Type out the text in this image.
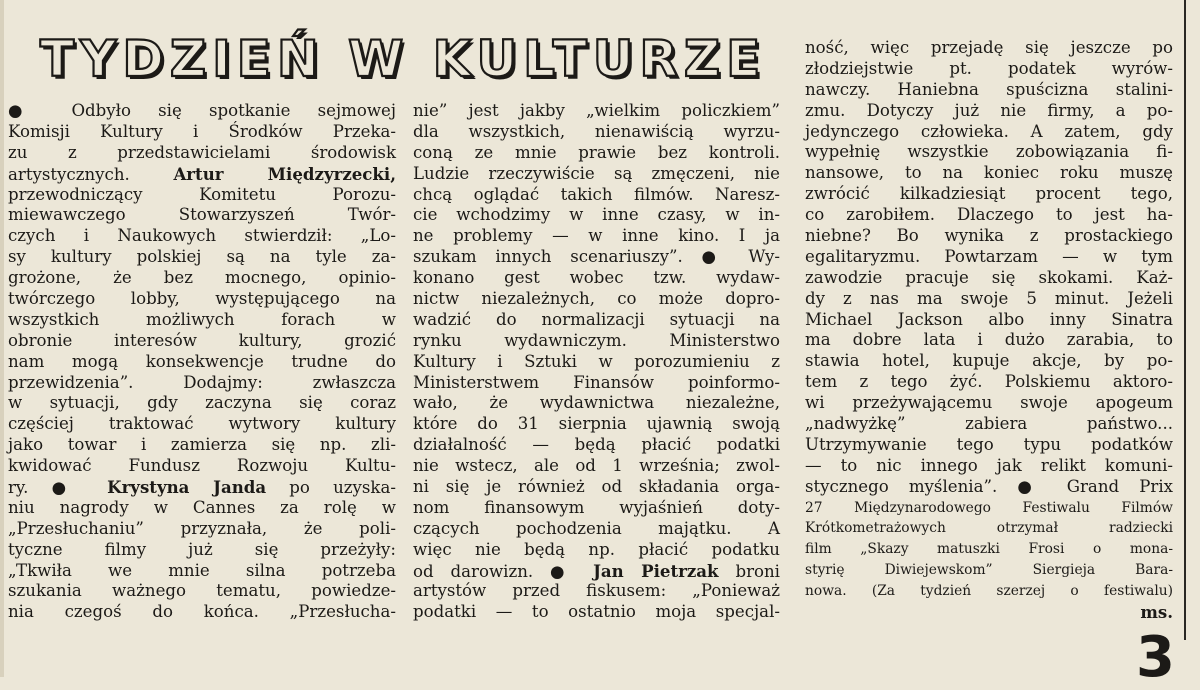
TYDZIEŃ W KULTURZE
● Odbyło się spotkanie sejmowej
Komisji Kultury i Środków Przeka-
zu z przedstawicielami środowisk
artystycznych. Artur Międzyrzecki,
przewodniczący Komitetu Porozu-
miewawczego Stowarzyszeń Twór-
czych i Naukowych stwierdził: „Lo-
sy kultury polskiej są na tyle za-
grożone, że bez mocnego, opinio-
twórczego lobby, występującego na
wszystkich możliwych forach w
obronie interesów kultury, grozić
nam mogą konsekwencje trudne do
przewidzenia”. Dodajmy: zwłaszcza
w sytuacji, gdy zaczyna się coraz
częściej traktować wytwory kultury
jako towar i zamierza się np. zli-
kwidować Fundusz Rozwoju Kultu-
ry. ● Krystyna Janda po uzyska-
niu nagrody w Cannes za rolę w
„Przesłuchaniu” przyznała, że poli-
tyczne filmy już się przeżyły:
„Tkwiła we mnie silna potrzeba
szukania ważnego tematu, powiedze-
nia czegoś do końca. „Przesłucha-
nie” jest jakby „wielkim policzkiem”
dla wszystkich, nienawiścią wyrzu-
coną ze mnie prawie bez kontroli.
Ludzie rzeczywiście są zmęczeni, nie
chcą oglądać takich filmów. Naresz-
cie wchodzimy w inne czasy, w in-
ne problemy — w inne kino. I ja
szukam innych scenariuszy”. ● Wy-
konano gest wobec tzw. wydaw-
nictw niezależnych, co może dopro-
wadzić do normalizacji sytuacji na
rynku wydawniczym. Ministerstwo
Kultury i Sztuki w porozumieniu z
Ministerstwem Finansów poinformo-
wało, że wydawnictwa niezależne,
które do 31 sierpnia ujawnią swoją
działalność — będą płacić podatki
nie wstecz, ale od 1 września; zwol-
ni się je również od składania orga-
nom finansowym wyjaśnień doty-
czących pochodzenia majątku. A
więc nie będą np. płacić podatku
od darowizn. ● Jan Pietrzak broni
artystów przed fiskusem: „Ponieważ
podatki — to ostatnio moja specjal-
ność, więc przejadę się jeszcze po
złodziejstwie pt. podatek wyrów-
nawczy. Haniebna spuścizna stalini-
zmu. Dotyczy już nie firmy, a po-
jedynczego człowieka. A zatem, gdy
wypełnię wszystkie zobowiązania fi-
nansowe, to na koniec roku muszę
zwrócić kilkadziesiąt procent tego,
co zarobiłem. Dlaczego to jest ha-
niebne? Bo wynika z prostackiego
egalitaryzmu. Powtarzam — w tym
zawodzie pracuje się skokami. Każ-
dy z nas ma swoje 5 minut. Jeżeli
Michael Jackson albo inny Sinatra
ma dobre lata i dużo zarabia, to
stawia hotel, kupuje akcje, by po-
tem z tego żyć. Polskiemu aktoro-
wi przeżywającemu swoje apogeum
„nadwyżkę” zabiera państwo...
Utrzymywanie tego typu podatków
— to nic innego jak relikt komuni-
stycznego myślenia”. ● Grand Prix
27 Międzynarodowego Festiwalu Filmów
Krótkometrażowych otrzymał radziecki
film „Skazy matuszki Frosi o mona-
styrię Diwiejewskom” Siergieja Bara-
nowa. (Za tydzień szerzej o festiwalu)
ms.
3
